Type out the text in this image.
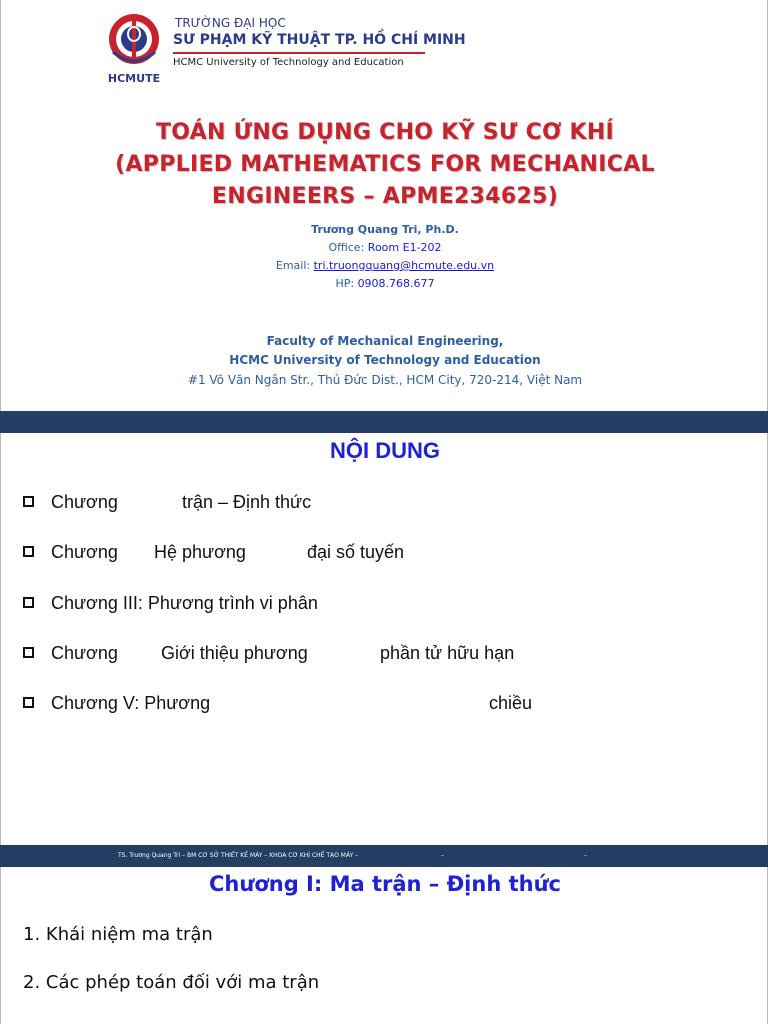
HCMUTE
TRƯỜNG ĐẠI HỌC
SƯ PHẠM KỸ THUẬT TP. HỒ CHÍ MINH
HCMC University of Technology and Education
TOÁN ỨNG DỤNG CHO KỸ SƯ CƠ KHÍ
(APPLIED MATHEMATICS FOR MECHANICAL
ENGINEERS – APME234625)
Trương Quang Tri, Ph.D.
Office: Room E1-202
Email: tri.truongquang@hcmute.edu.vn
HP: 0908.768.677
Faculty of Mechanical Engineering,
HCMC University of Technology and Education
#1 Võ Văn Ngân Str., Thủ Đức Dist., HCM City, 720-214, Việt Nam
NỘI DUNG
Chương	trận – Định thức
Chương Hệ phương	đại số tuyến
Chương III: Phương trình vi phân
Chương Giới thiệu phương	phần tử hữu hạn
Chương V: Phương	chiều
Chương I: Ma trận – Định thức
1. Khái niệm ma trận
2. Các phép toán đối với ma trận
TS. Trương Quang Tri – BM CƠ SỞ THIẾT KẾ MÁY – KHOA CƠ KHÍ CHẾ TẠO MÁY –	–	–
